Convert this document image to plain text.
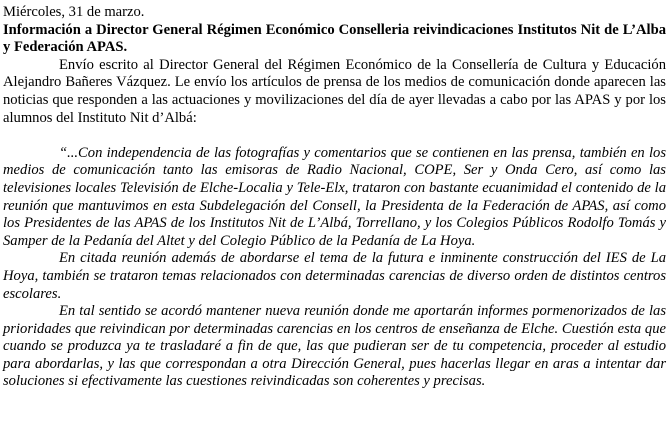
Miércoles, 31 de marzo.

Información a Director General Régimen Económico Conselleria reivindicaciones Institutos Nit de L’Alba y Federación APAS.

Envío escrito al Director General del Régimen Económico de la Consellería de Cultura y Educación Alejandro Bañeres Vázquez. Le envío los artículos de prensa de los medios de comunicación donde aparecen las noticias que responden a las actuaciones y movilizaciones del día de ayer llevadas a cabo por las APAS y por los alumnos del Instituto Nit d’Albá:

“...Con independencia de las fotografías y comentarios que se contienen en las prensa, también en los medios de comunicación tanto las emisoras de Radio Nacional, COPE, Ser y Onda Cero, así como las televisiones locales Televisión de Elche-Localia y Tele-Elx, trataron con bastante ecuanimidad el contenido de la reunión que mantuvimos en esta Subdelegación del Consell, la Presidenta de la Federación de APAS, así como los Presidentes de las APAS de los Institutos Nit de L’Albá, Torrellano, y los Colegios Públicos Rodolfo Tomás y Samper de la Pedanía del Altet y del Colegio Público de la Pedanía de La Hoya.

En citada reunión además de abordarse el tema de la futura e inminente construcción del IES de La Hoya, también se trataron temas relacionados con determinadas carencias de diverso orden de distintos centros escolares.

En tal sentido se acordó mantener nueva reunión donde me aportarán informes pormenorizados de las prioridades que reivindican por determinadas carencias en los centros de enseñanza de Elche. Cuestión esta que cuando se produzca ya te trasladaré a fin de que, las que pudieran ser de tu competencia, proceder al estudio para abordarlas, y las que correspondan a otra Dirección General, pues hacerlas llegar en aras a intentar dar soluciones si efectivamente las cuestiones reivindicadas son coherentes y precisas.
